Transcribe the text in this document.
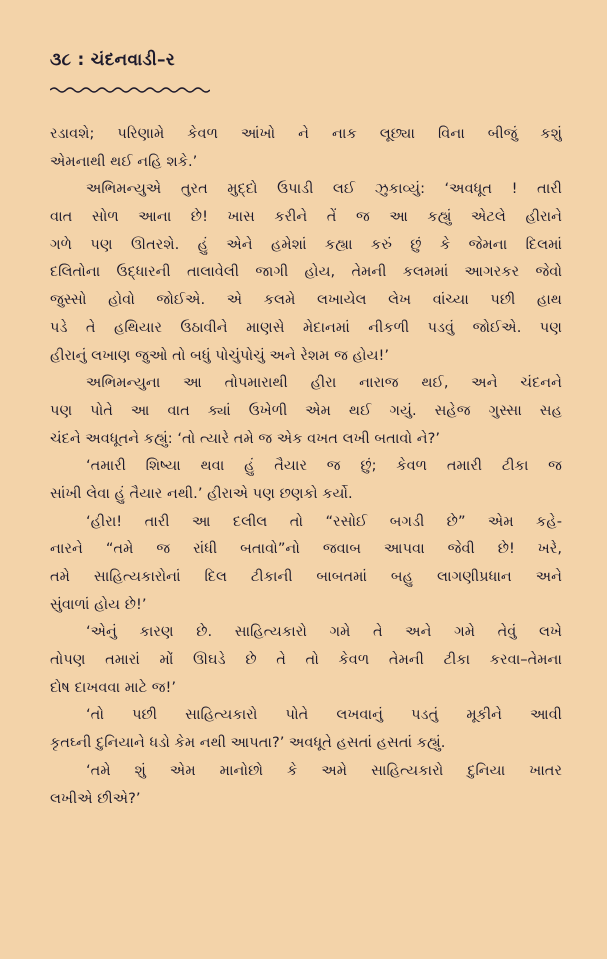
૩૮ : ચંદનવાડી–ર
રડાવશે; પરિણામે કેવળ આંખો ને નાક લૂછ્યા વિના બીજું કશું
એમનાથી થઈ નહિ શકે.’
અભિમન્યુએ તુરત મુદ્દો ઉપાડી લઈ ઝુકાવ્યું: ‘અવધૂત ! તારી
વાત સોળ આના છે! ખાસ કરીને તેં જ આ કહ્યું એટલે હીરાને
ગળે પણ ઊતરશે. હું એને હમેશાં કહ્યા કરું છું કે જેમના દિલમાં
દલિતોના ઉદ્ધારની તાલાવેલી જાગી હોય, તેમની કલમમાં આગરકર જેવો
જુસ્સો હોવો જોઈએ. એ કલમે લખાયેલ લેખ વાંચ્યા પછી હાથ
પડે તે હથિયાર ઉઠાવીને માણસે મેદાનમાં નીકળી પડવું જોઈએ. પણ
હીરાનું લખાણ જુઓ તો બધું પોચુંપોચું અને રેશમ જ હોય!’
અભિમન્યુના આ તોપમારાથી હીરા નારાજ થઈ, અને ચંદનને
પણ પોતે આ વાત ક્યાં ઉખેળી એમ થઈ ગયું. સહેજ ગુસ્સા સહ
ચંદને અવધૂતને કહ્યું: ‘તો ત્યારે તમે જ એક વખત લખી બતાવો ને?’
‘તમારી શિષ્યા થવા હું તૈયાર જ છું; કેવળ તમારી ટીકા જ
સાંખી લેવા હું તૈયાર નથી.’ હીરાએ પણ છણકો કર્યો.
‘હીરા! તારી આ દલીલ તો “રસોઈ બગડી છે” એમ કહે-
નારને “તમે જ રાંધી બતાવો”નો જવાબ આપવા જેવી છે! ખરે,
તમે સાહિત્યકારોનાં દિલ ટીકાની બાબતમાં બહુ લાગણીપ્રધાન અને
સુંવાળાં હોય છે!’
‘એનું કારણ છે. સાહિત્યકારો ગમે તે અને ગમે તેવું લખે
તોપણ તમારાં મોં ઊઘડે છે તે તો કેવળ તેમની ટીકા કરવા–તેમના
દોષ દાખવવા માટે જ!’
‘તો પછી સાહિત્યકારો પોતે લખવાનું પડતું મૂકીને આવી
કૃતઘ્ની દુનિયાને ધડો કેમ નથી આપતા?’ અવધૂતે હસતાં હસતાં કહ્યું.
‘તમે શું એમ માનોછો કે અમે સાહિત્યકારો દુનિયા ખાતર
લખીએ છીએ?’
